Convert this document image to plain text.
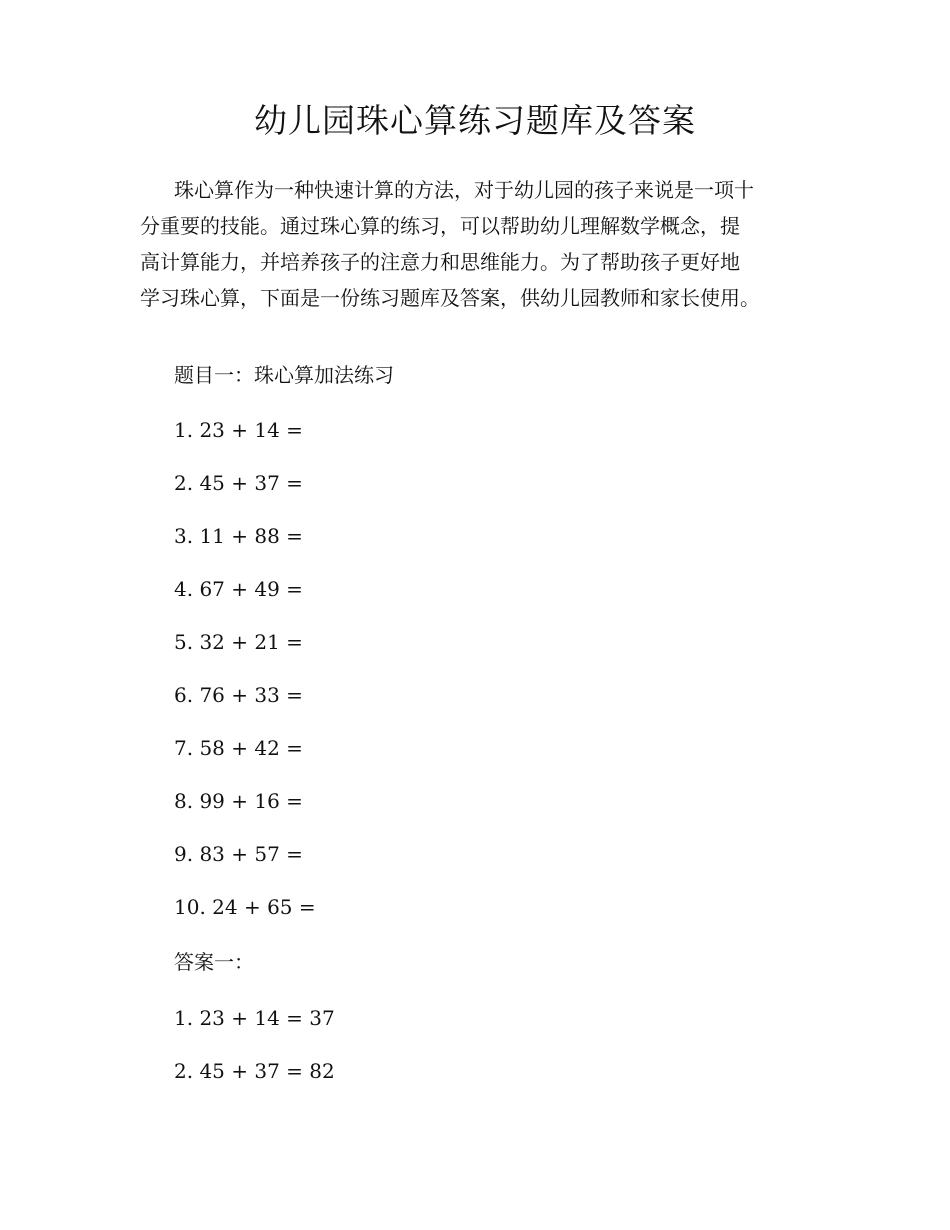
幼儿园珠心算练习题库及答案
珠心算作为一种快速计算的方法，对于幼儿园的孩子来说是一项十
分重要的技能。通过珠心算的练习，可以帮助幼儿理解数学概念，提
高计算能力，并培养孩子的注意力和思维能力。为了帮助孩子更好地
学习珠心算，下面是一份练习题库及答案，供幼儿园教师和家长使用。
题目一：珠心算加法练习
1. 23 + 14 =
2. 45 + 37 =
3. 11 + 88 =
4. 67 + 49 =
5. 32 + 21 =
6. 76 + 33 =
7. 58 + 42 =
8. 99 + 16 =
9. 83 + 57 =
10. 24 + 65 =
答案一：
1. 23 + 14 = 37
2. 45 + 37 = 82
